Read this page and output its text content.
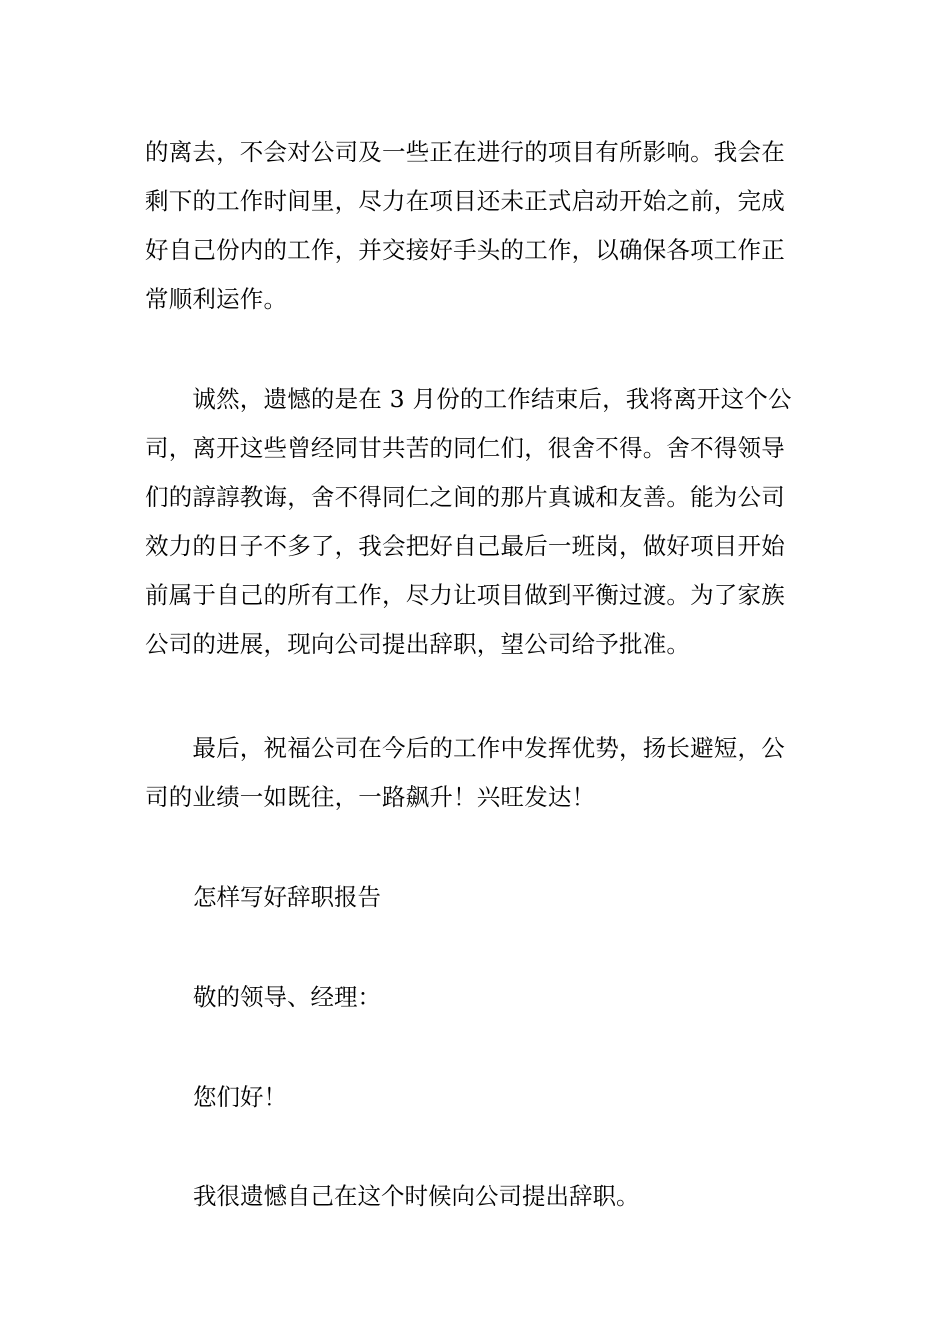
的离去，不会对公司及一些正在进行的项目有所影响。我会在
剩下的工作时间里，尽力在项目还未正式启动开始之前，完成
好自己份内的工作，并交接好手头的工作，以确保各项工作正
常顺利运作。
　　诚然，遗憾的是在 3 月份的工作结束后，我将离开这个公
司，离开这些曾经同甘共苦的同仁们，很舍不得。舍不得领导
们的諄諄教诲，舍不得同仁之间的那片真诚和友善。能为公司
效力的日子不多了，我会把好自己最后一班岗，做好项目开始
前属于自己的所有工作，尽力让项目做到平衡过渡。为了家族
公司的进展，现向公司提出辞职，望公司给予批准。
　　最后，祝福公司在今后的工作中发挥优势，扬长避短，公
司的业绩一如既往，一路飙升！兴旺发达！

怎样写好辞职报告

敬的领导、经理：

您们好！

我很遗憾自己在这个时候向公司提出辞职。
